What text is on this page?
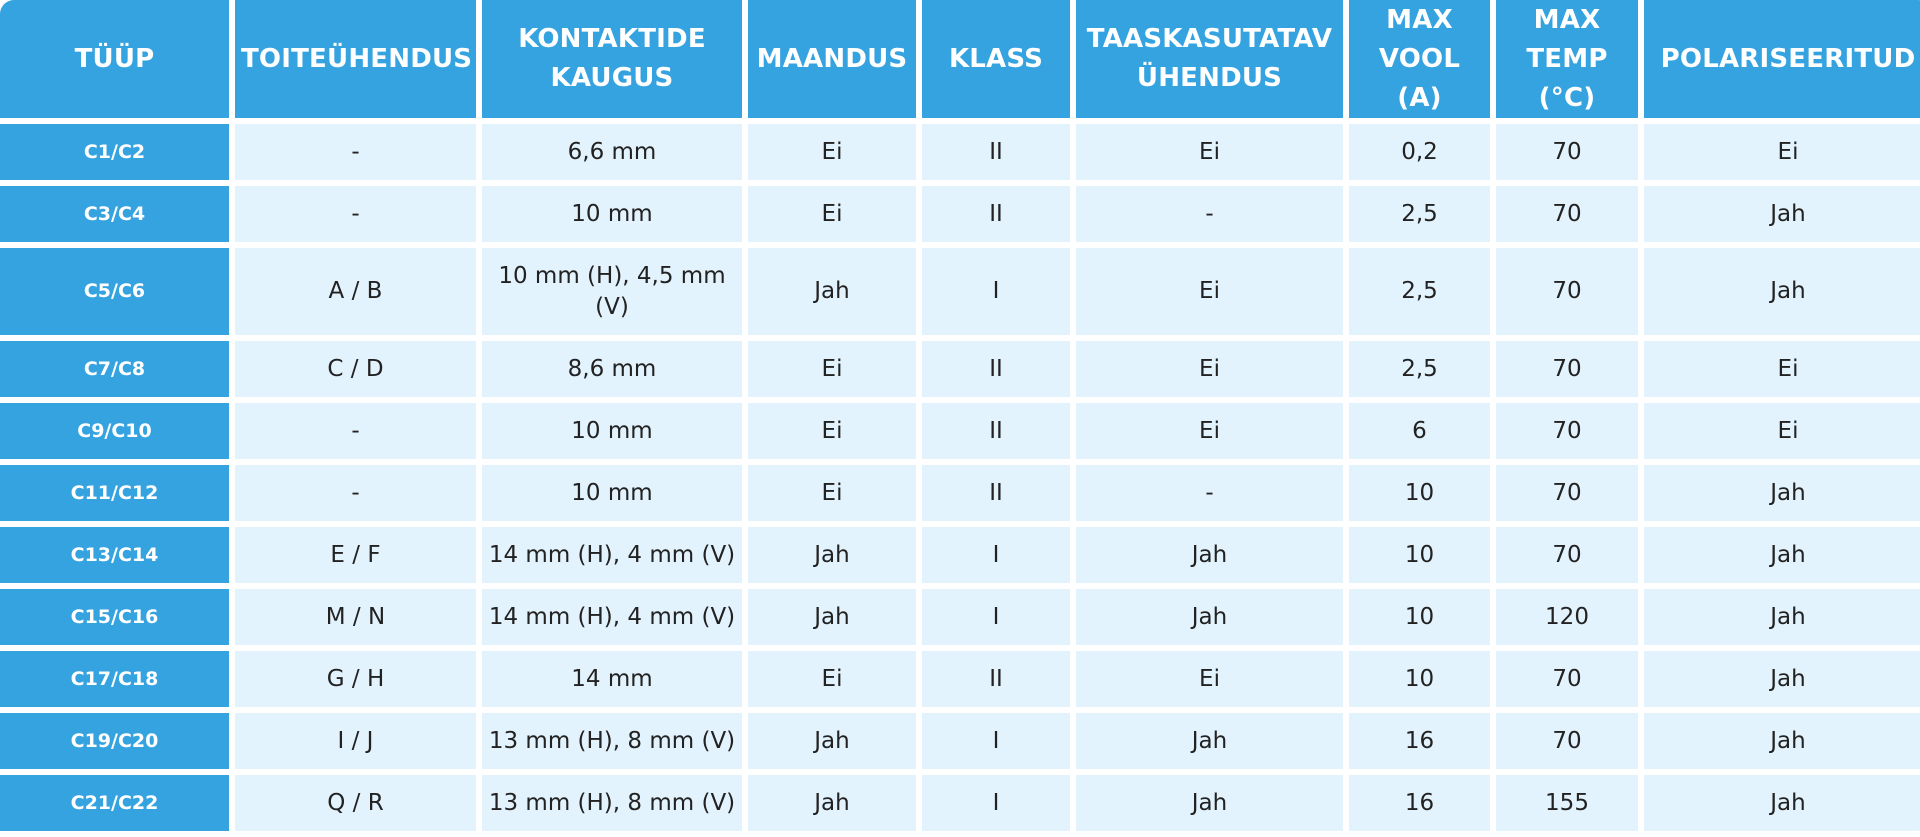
TÜÜP	TOITEÜHENDUS	KONTAKTIDE KAUGUS	MAANDUS	KLASS	TAASKASUTATAV ÜHENDUS	MAX VOOL (A)	MAX TEMP (°C)	POLARISEERITUD
C1/C2	-	6,6 mm	Ei	II	Ei	0,2	70	Ei
C3/C4	-	10 mm	Ei	II	-	2,5	70	Jah
C5/C6	A / B	10 mm (H), 4,5 mm (V)	Jah	I	Ei	2,5	70	Jah
C7/C8	C / D	8,6 mm	Ei	II	Ei	2,5	70	Ei
C9/C10	-	10 mm	Ei	II	Ei	6	70	Ei
C11/C12	-	10 mm	Ei	II	-	10	70	Jah
C13/C14	E / F	14 mm (H), 4 mm (V)	Jah	I	Jah	10	70	Jah
C15/C16	M / N	14 mm (H), 4 mm (V)	Jah	I	Jah	10	120	Jah
C17/C18	G / H	14 mm	Ei	II	Ei	10	70	Jah
C19/C20	I / J	13 mm (H), 8 mm (V)	Jah	I	Jah	16	70	Jah
C21/C22	Q / R	13 mm (H), 8 mm (V)	Jah	I	Jah	16	155	Jah
